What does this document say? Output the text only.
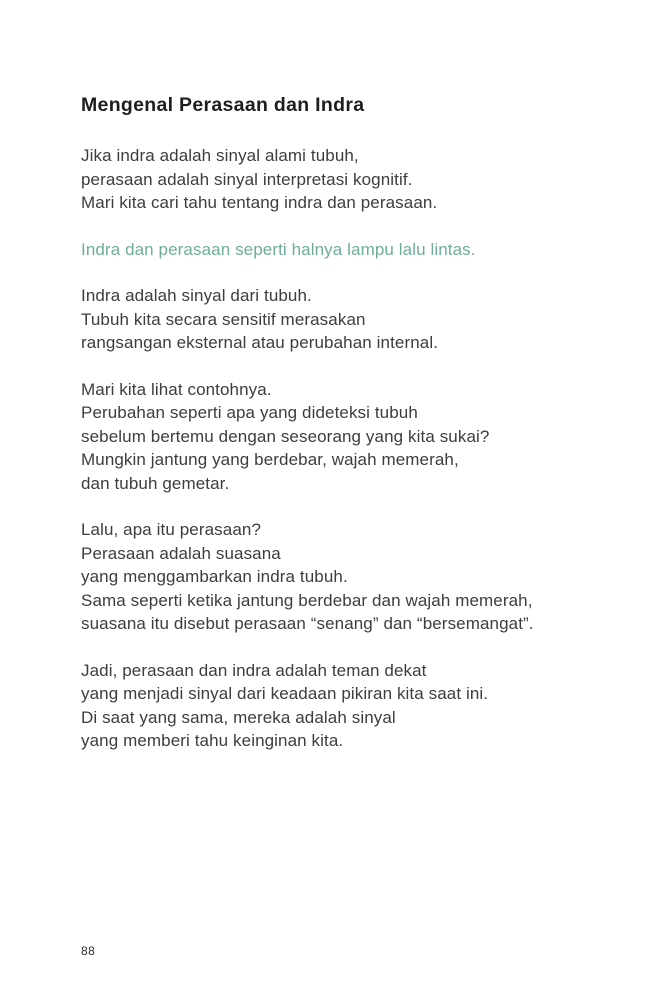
Mengenal Perasaan dan Indra

Jika indra adalah sinyal alami tubuh,
perasaan adalah sinyal interpretasi kognitif.
Mari kita cari tahu tentang indra dan perasaan.

Indra dan perasaan seperti halnya lampu lalu lintas.

Indra adalah sinyal dari tubuh.
Tubuh kita secara sensitif merasakan
rangsangan eksternal atau perubahan internal.

Mari kita lihat contohnya.
Perubahan seperti apa yang dideteksi tubuh
sebelum bertemu dengan seseorang yang kita sukai?
Mungkin jantung yang berdebar, wajah memerah,
dan tubuh gemetar.

Lalu, apa itu perasaan?
Perasaan adalah suasana
yang menggambarkan indra tubuh.
Sama seperti ketika jantung berdebar dan wajah memerah,
suasana itu disebut perasaan “senang” dan “bersemangat”.

Jadi, perasaan dan indra adalah teman dekat
yang menjadi sinyal dari keadaan pikiran kita saat ini.
Di saat yang sama, mereka adalah sinyal
yang memberi tahu keinginan kita.

88
